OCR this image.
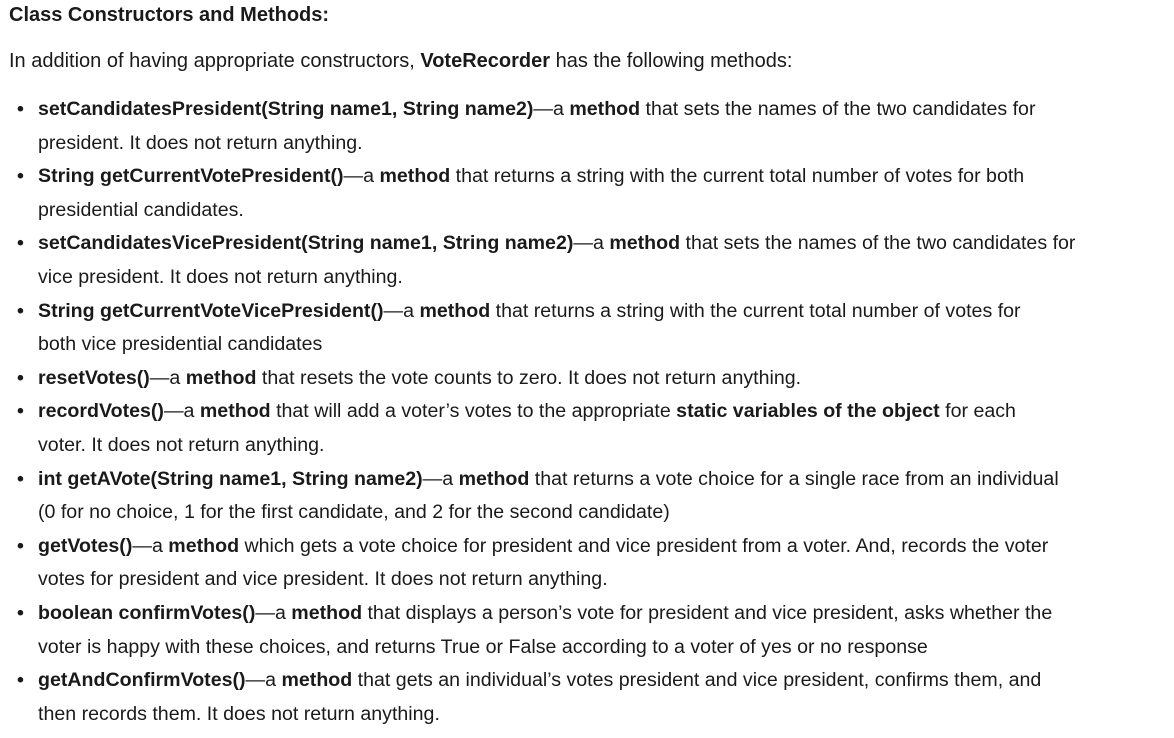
Class Constructors and Methods:
In addition of having appropriate constructors, VoteRecorder has the following methods:
• setCandidatesPresident(String name1, String name2)—a method that sets the names of the two candidates for
president. It does not return anything.
• String getCurrentVotePresident()—a method that returns a string with the current total number of votes for both
presidential candidates.
• setCandidatesVicePresident(String name1, String name2)—a method that sets the names of the two candidates for
vice president. It does not return anything.
• String getCurrentVoteVicePresident()—a method that returns a string with the current total number of votes for
both vice presidential candidates
• resetVotes()—a method that resets the vote counts to zero. It does not return anything.
• recordVotes()—a method that will add a voter’s votes to the appropriate static variables of the object for each
voter. It does not return anything.
• int getAVote(String name1, String name2)—a method that returns a vote choice for a single race from an individual
(0 for no choice, 1 for the first candidate, and 2 for the second candidate)
• getVotes()—a method which gets a vote choice for president and vice president from a voter. And, records the voter
votes for president and vice president. It does not return anything.
• boolean confirmVotes()—a method that displays a person’s vote for president and vice president, asks whether the
voter is happy with these choices, and returns True or False according to a voter of yes or no response
• getAndConfirmVotes()—a method that gets an individual’s votes president and vice president, confirms them, and
then records them. It does not return anything.
